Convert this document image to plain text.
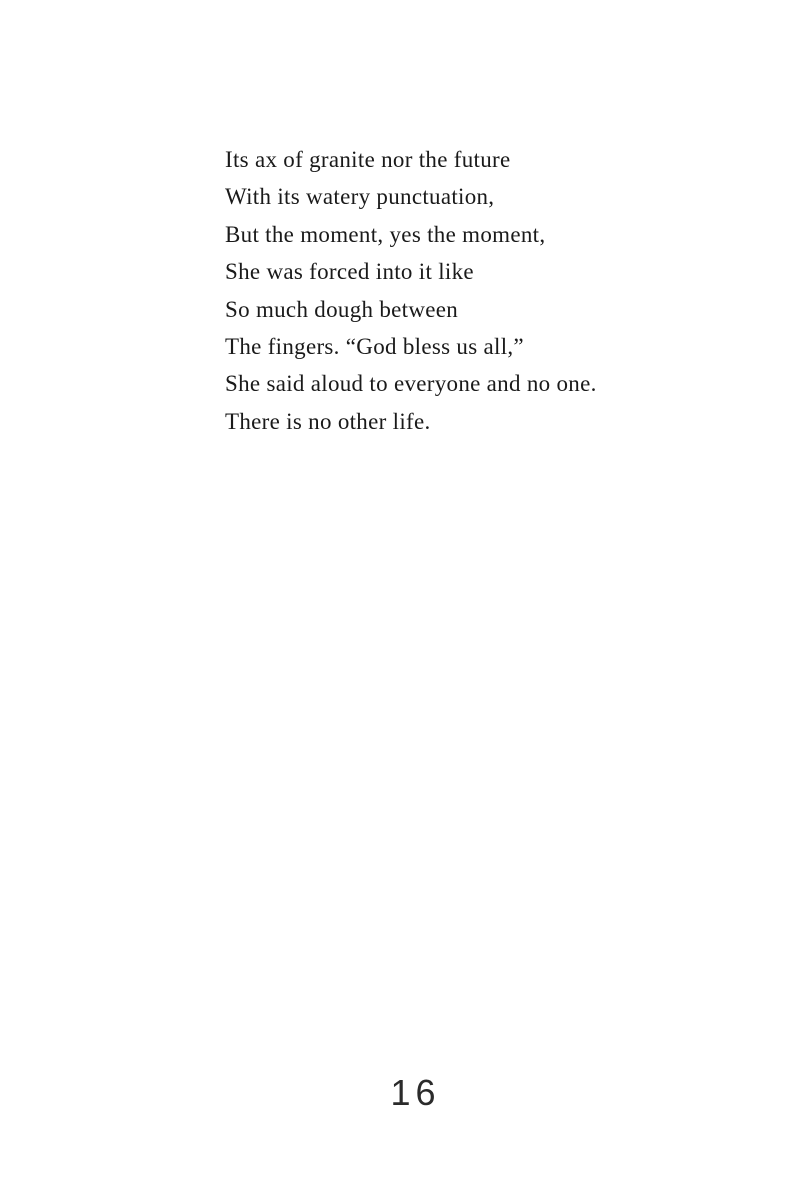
Its ax of granite nor the future
With its watery punctuation,
But the moment, yes the moment,
She was forced into it like
So much dough between
The fingers. “God bless us all,”
She said aloud to everyone and no one.
There is no other life.
16
